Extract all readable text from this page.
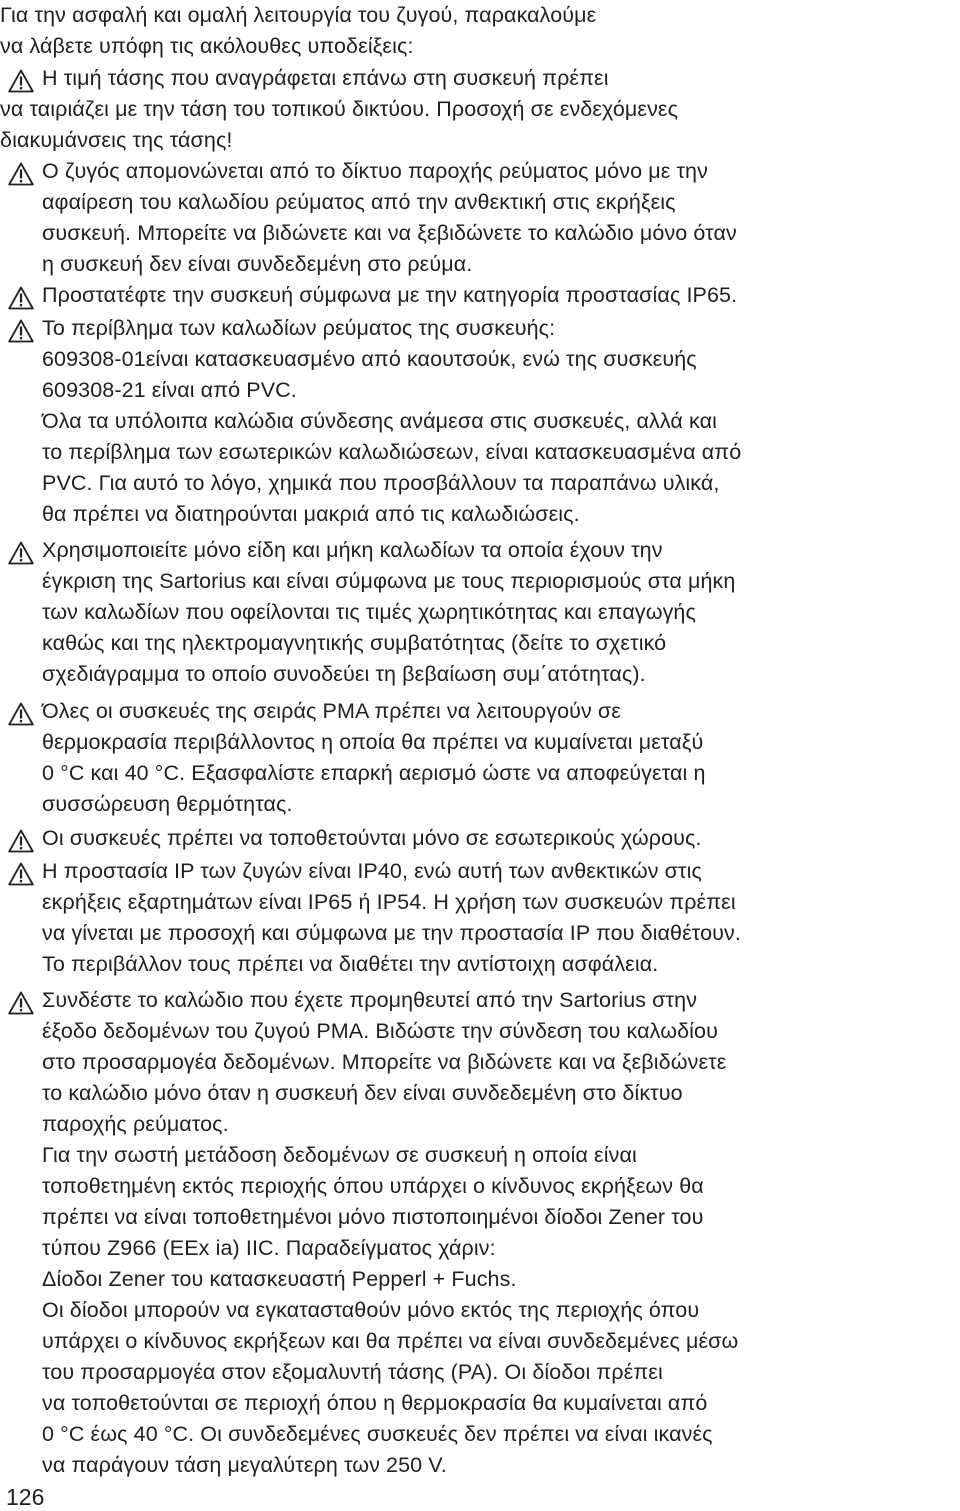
Για την ασφαλή και ομαλή λειτουργία του ζυγού, παρακαλούμε
να λάβετε υπόφη τις ακόλουθες υποδείξεις:
Η τιμή τάσης που αναγράφεται επάνω στη συσκευή πρέπει
να ταιριάζει με την τάση του τοπικού δικτύου. Προσοχή σε ενδεχόμενες
διακυμάνσεις της τάσης!
Ο ζυγός απομονώνεται από το δίκτυο παροχής ρεύματος μόνο με την
αφαίρεση του καλωδίου ρεύματος από την ανθεκτική στις εκρήξεις
συσκευή. Μπορείτε να βιδώνετε και να ξεβιδώνετε το καλώδιο μόνο όταν
η συσκευή δεν είναι συνδεδεμένη στο ρεύμα.
Προστατέφτε την συσκευή σύμφωνα με την κατηγορία προστασίας IP65.
Το περίβλημα των καλωδίων ρεύματος της συσκευής:
609308-01είναι κατασκευασμένο από καουτσούκ, ενώ της συσκευής
609308-21 είναι από PVC.
Όλα τα υπόλοιπα καλώδια σύνδεσης ανάμεσα στις συσκευές, αλλά και
το περίβλημα των εσωτερικών καλωδιώσεων, είναι κατασκευασμένα από
PVC. Για αυτό το λόγο, χημικά που προσβάλλουν τα παραπάνω υλικά,
θα πρέπει να διατηρούνται μακριά από τις καλωδιώσεις.
Χρησιμοποιείτε μόνο είδη και μήκη καλωδίων τα οποία έχουν την
έγκριση της Sartorius και είναι σύμφωνα με τους περιορισμούς στα μήκη
των καλωδίων που οφείλονται τις τιμές χωρητικότητας και επαγωγής
καθώς και της ηλεκτρομαγνητικής συμβατότητας (δείτε το σχετικό
σχεδιάγραμμα το οποίο συνοδεύει τη βεβαίωση συμ΄ατότητας).
Όλες οι συσκευές της σειράς PMA πρέπει να λειτουργούν σε
θερμοκρασία περιβάλλοντος η οποία θα πρέπει να κυμαίνεται μεταξύ
0 °C και 40 °C. Εξασφαλίστε επαρκή αερισμό ώστε να αποφεύγεται η
συσσώρευση θερμότητας.
Οι συσκευές πρέπει να τοποθετούνται μόνο σε εσωτερικούς χώρους.
Η προστασία IP των ζυγών είναι IP40, ενώ αυτή των ανθεκτικών στις
εκρήξεις εξαρτημάτων είναι IP65 ή IP54. Η χρήση των συσκευών πρέπει
να γίνεται με προσοχή και σύμφωνα με την προστασία IP που διαθέτουν.
Το περιβάλλον τους πρέπει να διαθέτει την αντίστοιχη ασφάλεια.
Συνδέστε το καλώδιο που έχετε προμηθευτεί από την Sartorius στην
έξοδο δεδομένων του ζυγού PMA. Βιδώστε την σύνδεση του καλωδίου
στο προσαρμογέα δεδομένων. Μπορείτε να βιδώνετε και να ξεβιδώνετε
το καλώδιο μόνο όταν η συσκευή δεν είναι συνδεδεμένη στο δίκτυο
παροχής ρεύματος.
Για την σωστή μετάδοση δεδομένων σε συσκευή η οποία είναι
τοποθετημένη εκτός περιοχής όπου υπάρχει ο κίνδυνος εκρήξεων θα
πρέπει να είναι τοποθετημένοι μόνο πιστοποιημένοι δίοδοι Zener του
τύπου Z966 (EEx ia) IIC. Παραδείγματος χάριν:
Δίοδοι Zener του κατασκευαστή Pepperl + Fuchs.
Οι δίοδοι μπορούν να εγκατασταθούν μόνο εκτός της περιοχής όπου
υπάρχει ο κίνδυνος εκρήξεων και θα πρέπει να είναι συνδεδεμένες μέσω
του προσαρμογέα στον εξομαλυντή τάσης (PA). Οι δίοδοι πρέπει
να τοποθετούνται σε περιοχή όπου η θερμοκρασία θα κυμαίνεται από
0 °C έως 40 °C. Οι συνδεδεμένες συσκευές δεν πρέπει να είναι ικανές
να παράγουν τάση μεγαλύτερη των 250 V.
126
